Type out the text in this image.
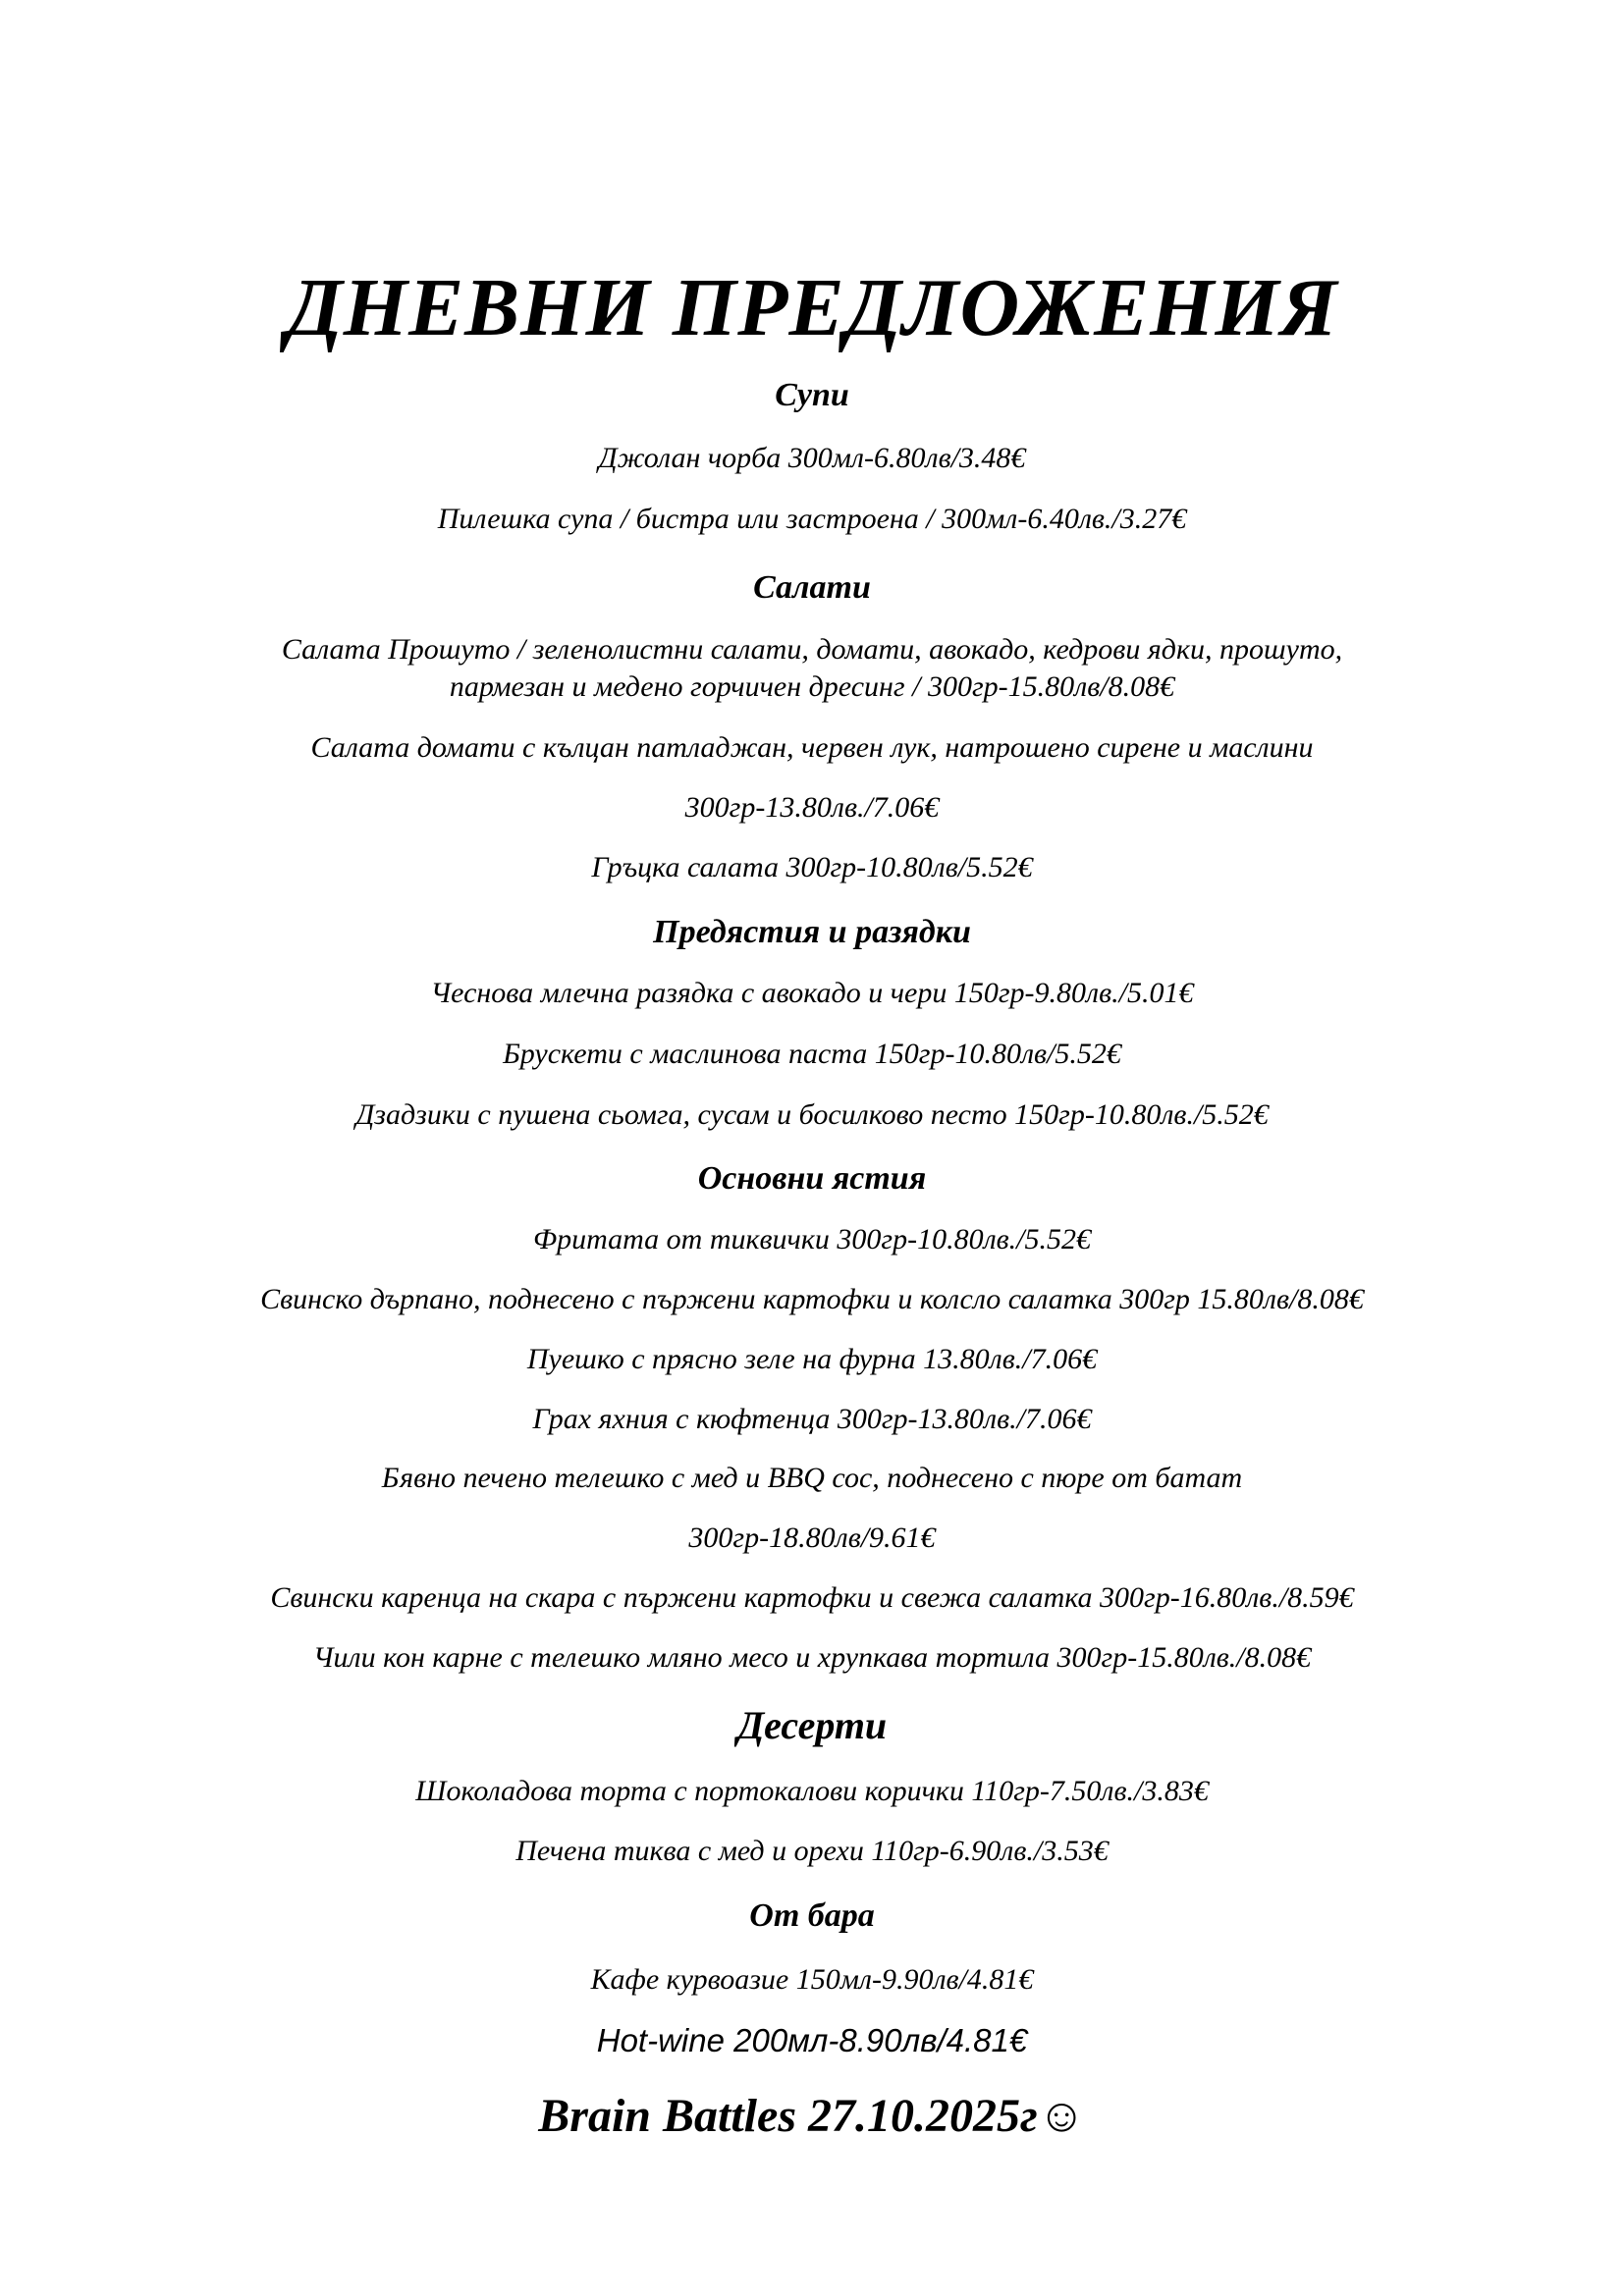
ДНЕВНИ ПРЕДЛОЖЕНИЯ
Супи
Джолан чорба 300мл-6.80лв/3.48€
Пилешка супа / бистра или застроена / 300мл-6.40лв./3.27€
Салати
Салата Прошуто / зеленолистни салати, домати, авокадо, кедрови ядки, прошуто,
пармезан и медено горчичен дресинг / 300гр-15.80лв/8.08€
Салата домати с кълцан патладжан, червен лук, натрошено сирене и маслини
300гр-13.80лв./7.06€
Гръцка салата 300гр-10.80лв/5.52€
Предястия и разядки
Чеснова млечна разядка с авокадо и чери 150гр-9.80лв./5.01€
Брускети с маслинова паста 150гр-10.80лв/5.52€
Дзадзики с пушена сьомга, сусам и босилково песто 150гр-10.80лв./5.52€
Основни ястия
Фритата от тиквички 300гр-10.80лв./5.52€
Свинско дърпано, поднесено с пържени картофки и колсло салатка 300гр 15.80лв/8.08€
Пуешко с прясно зеле на фурна 13.80лв./7.06€
Грах яхния с кюфтенца 300гр-13.80лв./7.06€
Бявно печено телешко с мед и BBQ сос, поднесено с пюре от батат
300гр-18.80лв/9.61€
Свински каренца на скара с пържени картофки и свежа салатка 300гр-16.80лв./8.59€
Чили кон карне с телешко мляно месо и хрупкава тортила 300гр-15.80лв./8.08€
Десерти
Шоколадова торта с портокалови корички 110гр-7.50лв./3.83€
Печена тиква с мед и орехи 110гр-6.90лв./3.53€
От бара
Кафе курвоазие 150мл-9.90лв/4.81€
Hot-wine 200мл-8.90лв/4.81€
Brain Battles 27.10.2025г☺
